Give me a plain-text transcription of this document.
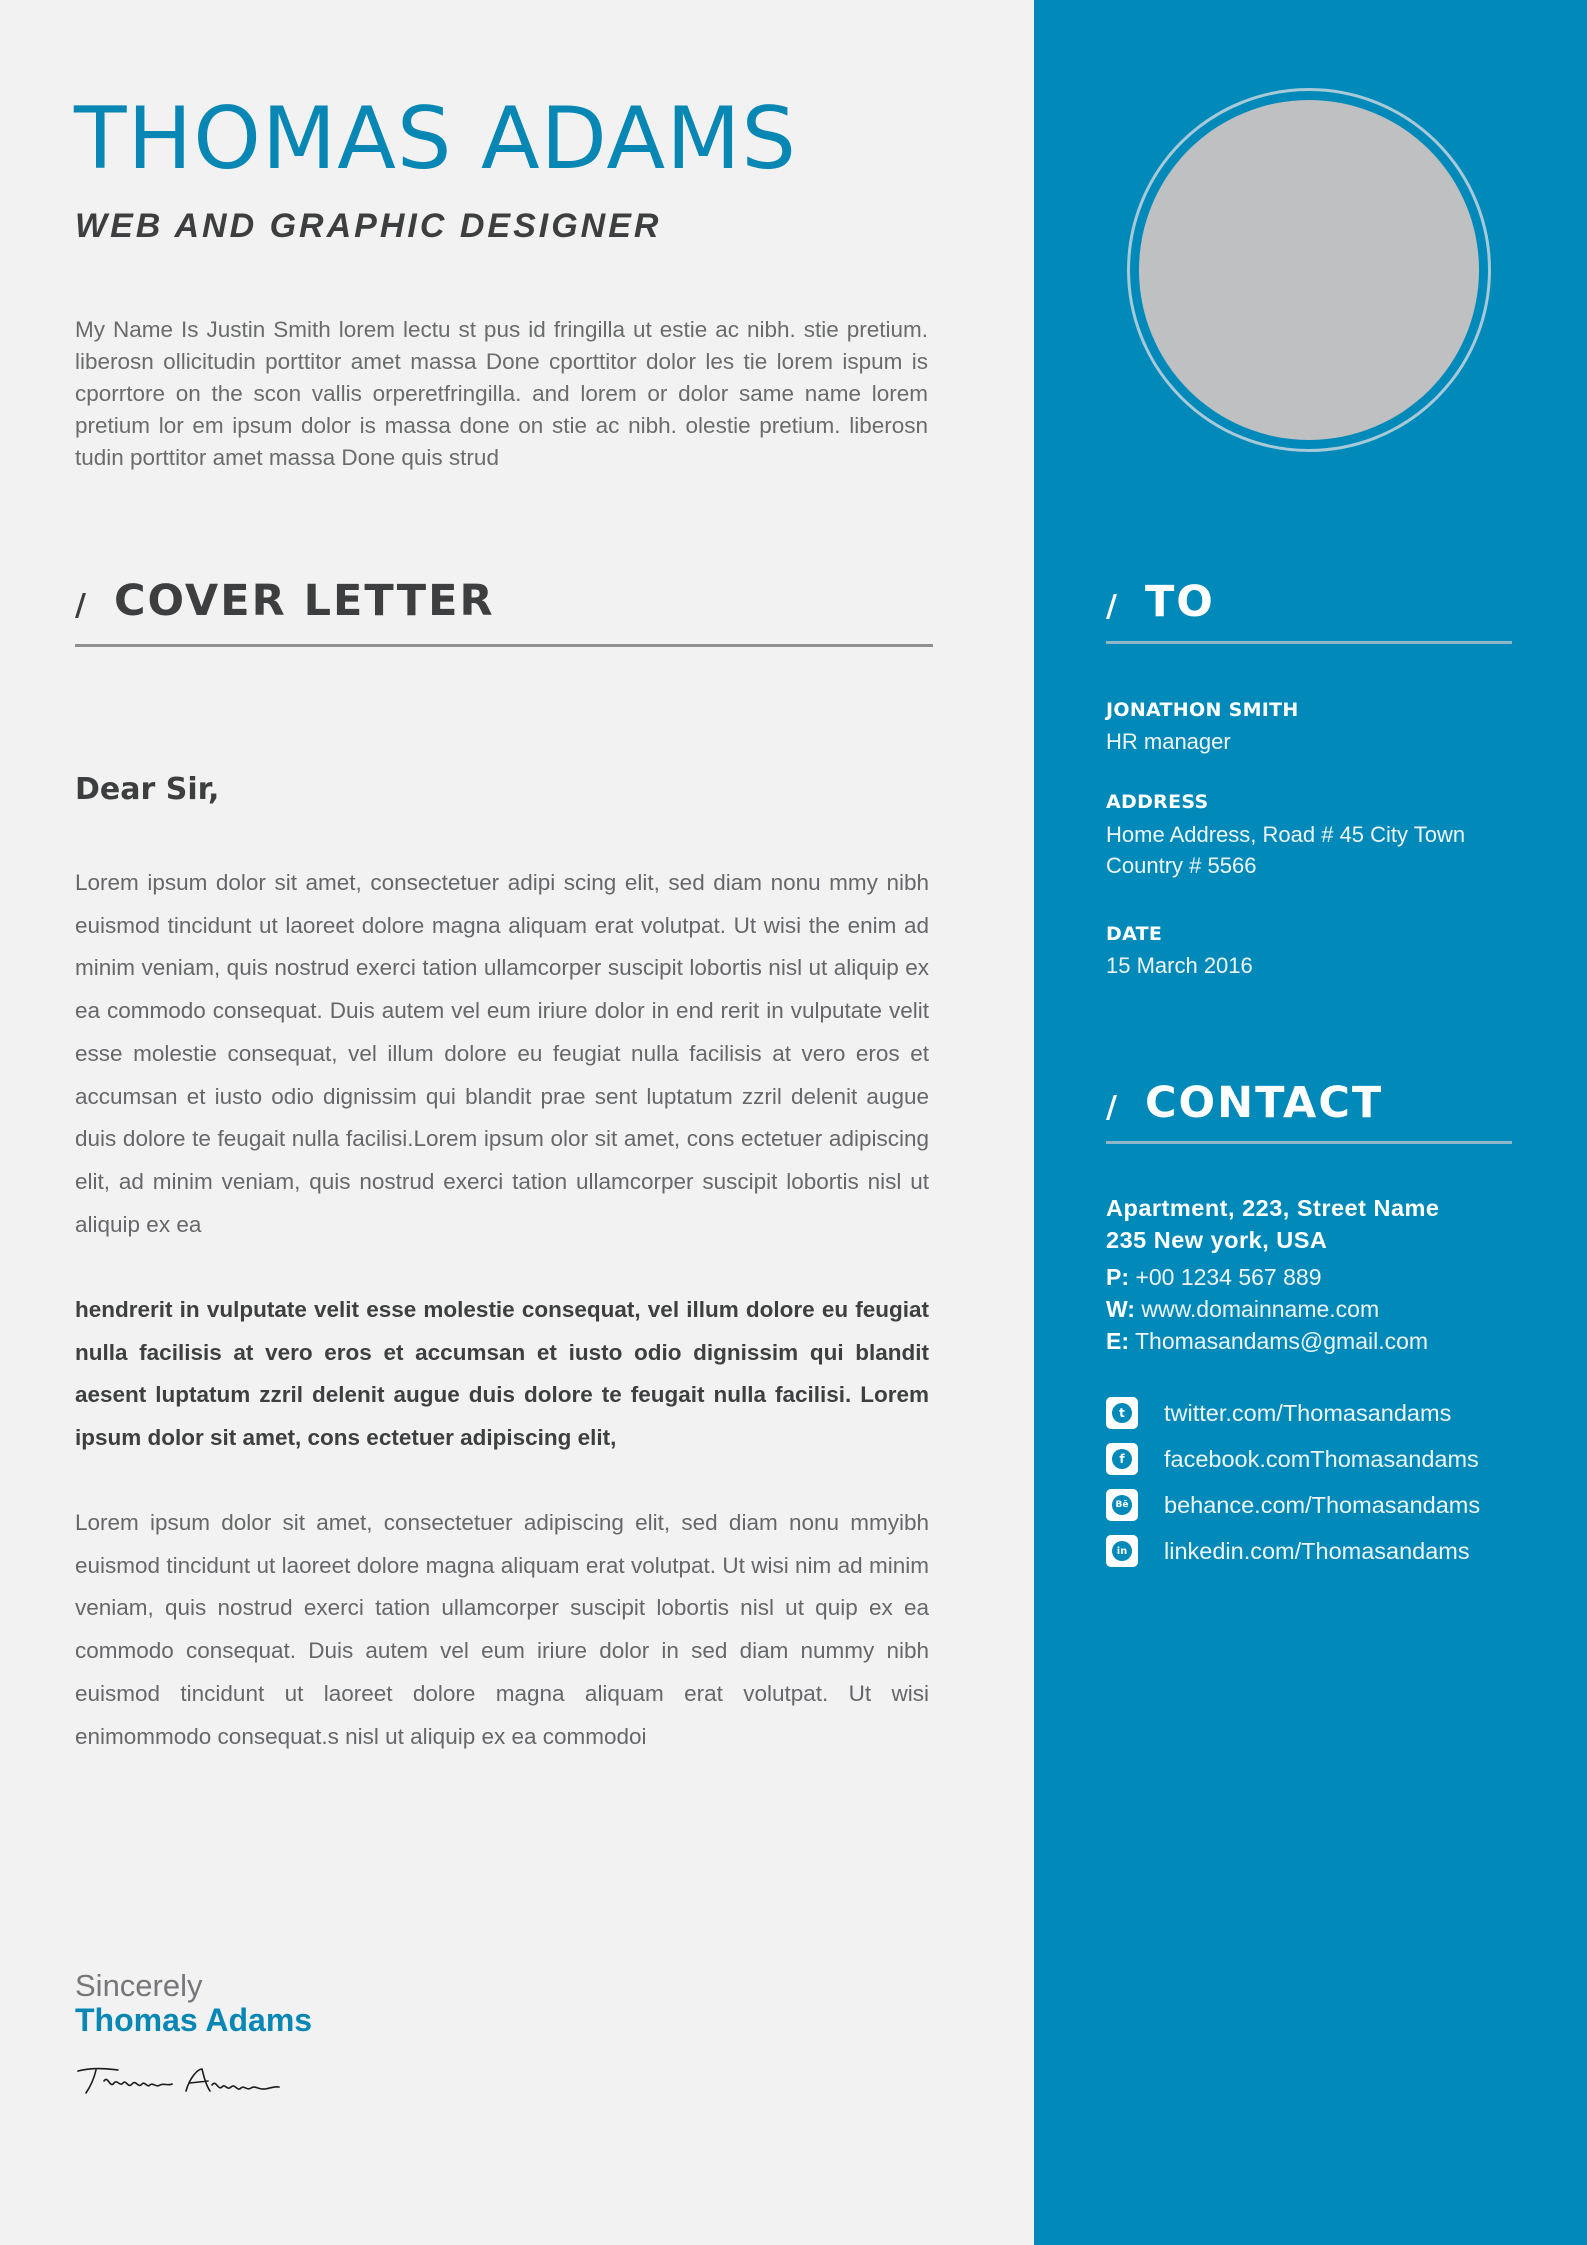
THOMAS ADAMS
WEB AND GRAPHIC DESIGNER

My Name Is Justin Smith lorem lectu st pus id fringilla ut estie ac nibh. stie pretium. liberosn ollicitudin porttitor amet massa Done cporttitor dolor les tie lorem ispum is cporrtore on the scon vallis orperetfringilla. and lorem or dolor same name lorem pretium lor em ipsum dolor is massa done on stie ac nibh. olestie pretium. liberosn tudin porttitor amet massa Done quis strud

/ COVER LETTER
Dear Sir,

Lorem ipsum dolor sit amet, consectetuer adipi scing elit, sed diam nonu mmy nibh euismod tincidunt ut laoreet dolore magna aliquam erat volutpat. Ut wisi the enim ad minim veniam, quis nostrud exerci tation ullamcorper suscipit lobortis nisl ut aliquip ex ea commodo consequat. Duis autem vel eum iriure dolor in end rerit in vulputate velit esse molestie consequat, vel illum dolore eu feugiat nulla facilisis at vero eros et accumsan et iusto odio dignissim qui blandit prae sent luptatum zzril delenit augue duis dolore te feugait nulla facilisi.Lorem ipsum olor sit amet, cons ectetuer adipiscing elit, ad minim veniam, quis nostrud exerci tation ullamcorper suscipit lobortis nisl ut aliquip ex ea

hendrerit in vulputate velit esse molestie consequat, vel illum dolore eu feugiat nulla facilisis at vero eros et accumsan et iusto odio dignissim qui blandit aesent luptatum zzril delenit augue duis dolore te feugait nulla facilisi. Lorem ipsum dolor sit amet, cons ectetuer adipiscing elit,

Lorem ipsum dolor sit amet, consectetuer adipiscing elit, sed diam nonu mmyibh euismod tincidunt ut laoreet dolore magna aliquam erat volutpat. Ut wisi nim ad minim veniam, quis nostrud exerci tation ullamcorper suscipit lobortis nisl ut quip ex ea commodo consequat. Duis autem vel eum iriure dolor in sed diam nummy nibh euismod tincidunt ut laoreet dolore magna aliquam erat volutpat. Ut wisi enimommodo consequat.s nisl ut aliquip ex ea commodoi

Sincerely
Thomas Adams
/ TO
JONATHON SMITH
HR manager
ADDRESS
Home Address, Road # 45 City Town
Country # 5566
DATE
15 March 2016
/ CONTACT
Apartment, 223, Street Name
235 New york, USA
P: +00 1234 567 889
W: www.domainname.com
E: Thomasandams@gmail.com
t	twitter.com/Thomasandams
f	facebook.comThomasandams
Bē behance.com/Thomasandams
in linkedin.com/Thomasandams
